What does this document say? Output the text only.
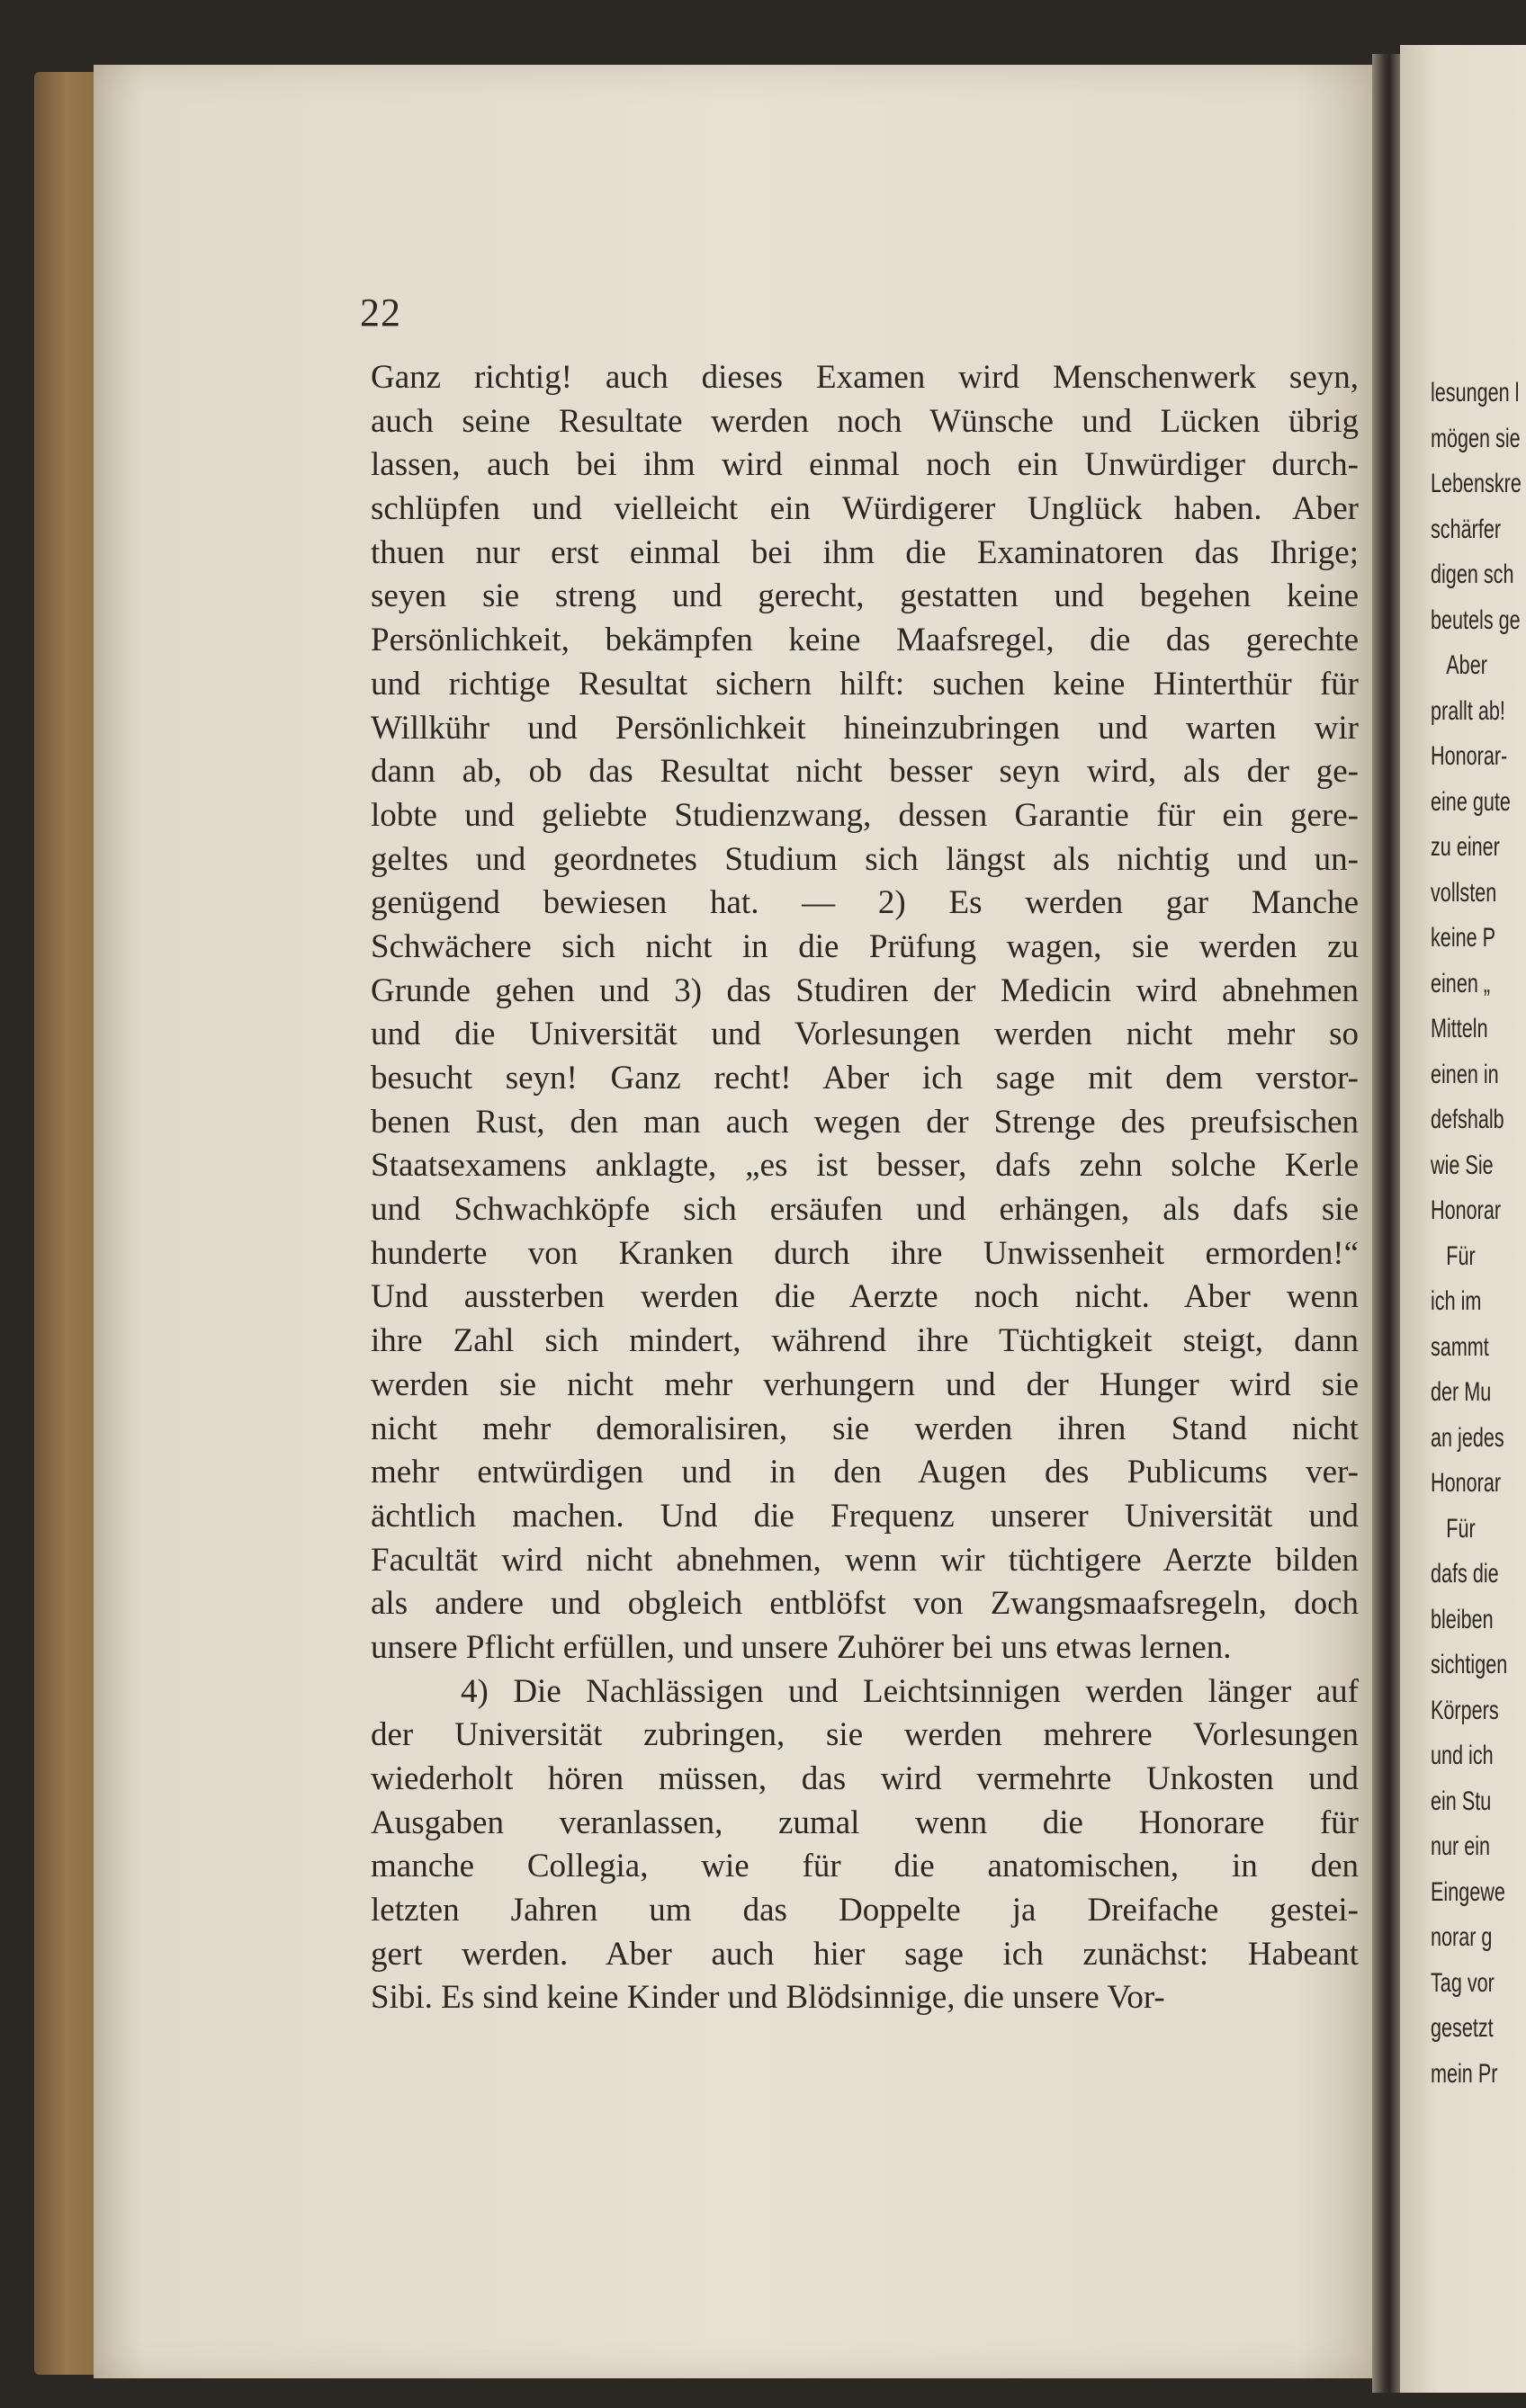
lesungen l
mögen sie
Lebenskre
schärfer
digen sch
beutels ge
Aber
prallt ab!
Honorar-
eine gute
zu einer
vollsten
keine P
einen „
Mitteln
einen in
defshalb
wie Sie
Honorar
Für
ich im
sammt
der Mu
an jedes
Honorar
Für
dafs die
bleiben
sichtigen
Körpers
und ich
ein Stu
nur ein
Eingewe
norar g
Tag vor
gesetzt
mein Pr
22
Ganz richtig! auch dieses Examen wird Menschenwerk seyn,
auch seine Resultate werden noch Wünsche und Lücken übrig
lassen, auch bei ihm wird einmal noch ein Unwürdiger durch-
schlüpfen und vielleicht ein Würdigerer Unglück haben. Aber
thuen nur erst einmal bei ihm die Examinatoren das Ihrige;
seyen sie streng und gerecht, gestatten und begehen keine
Persönlichkeit, bekämpfen keine Maafsregel, die das gerechte
und richtige Resultat sichern hilft: suchen keine Hinterthür für
Willkühr und Persönlichkeit hineinzubringen und warten wir
dann ab, ob das Resultat nicht besser seyn wird, als der ge-
lobte und geliebte Studienzwang, dessen Garantie für ein gere-
geltes und geordnetes Studium sich längst als nichtig und un-
genügend bewiesen hat. — 2) Es werden gar Manche
Schwächere sich nicht in die Prüfung wagen, sie werden zu
Grunde gehen und 3) das Studiren der Medicin wird abnehmen
und die Universität und Vorlesungen werden nicht mehr so
besucht seyn! Ganz recht! Aber ich sage mit dem verstor-
benen Rust, den man auch wegen der Strenge des preufsischen
Staatsexamens anklagte, „es ist besser, dafs zehn solche Kerle
und Schwachköpfe sich ersäufen und erhängen, als dafs sie
hunderte von Kranken durch ihre Unwissenheit ermorden!“
Und aussterben werden die Aerzte noch nicht. Aber wenn
ihre Zahl sich mindert, während ihre Tüchtigkeit steigt, dann
werden sie nicht mehr verhungern und der Hunger wird sie
nicht mehr demoralisiren, sie werden ihren Stand nicht
mehr entwürdigen und in den Augen des Publicums ver-
ächtlich machen. Und die Frequenz unserer Universität und
Facultät wird nicht abnehmen, wenn wir tüchtigere Aerzte bilden
als andere und obgleich entblöfst von Zwangsmaafsregeln, doch
unsere Pflicht erfüllen, und unsere Zuhörer bei uns etwas lernen.
4) Die Nachlässigen und Leichtsinnigen werden länger auf
der Universität zubringen, sie werden mehrere Vorlesungen
wiederholt hören müssen, das wird vermehrte Unkosten und
Ausgaben veranlassen, zumal wenn die Honorare für
manche Collegia, wie für die anatomischen, in den
letzten Jahren um das Doppelte ja Dreifache gestei-
gert werden. Aber auch hier sage ich zunächst: Habeant
Sibi. Es sind keine Kinder und Blödsinnige, die unsere Vor-
